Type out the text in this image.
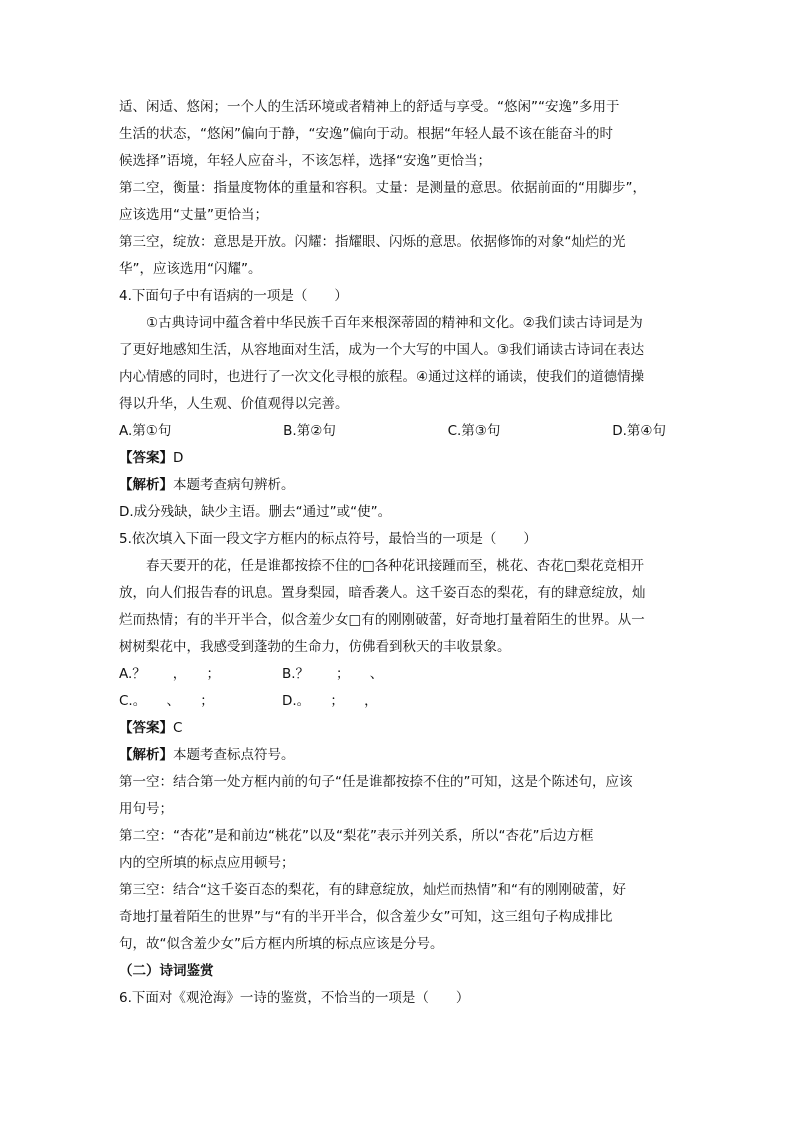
适、闲适、悠闲；一个人的生活环境或者精神上的舒适与享受。“悠闲”“安逸”多用于
生活的状态，“悠闲”偏向于静，“安逸”偏向于动。根据“年轻人最不该在能奋斗的时
候选择”语境，年轻人应奋斗，不该怎样，选择“安逸”更恰当；
第二空，衡量：指量度物体的重量和容积。丈量：是测量的意思。依据前面的“用脚步”，
应该选用“丈量”更恰当；
第三空，绽放：意思是开放。闪耀：指耀眼、闪烁的意思。依据修饰的对象“灿烂的光
华”，应该选用“闪耀”。
4.下面句子中有语病的一项是（　　）
①古典诗词中蕴含着中华民族千百年来根深蒂固的精神和文化。②我们读古诗词是为
了更好地感知生活，从容地面对生活，成为一个大写的中国人。③我们诵读古诗词在表达
内心情感的同时，也进行了一次文化寻根的旅程。④通过这样的诵读，使我们的道德情操
得以升华，人生观、价值观得以完善。
A.第①句	B.第②句	C.第③句	D.第④句
【答案】D
【解析】本题考查病句辨析。
D.成分残缺，缺少主语。删去“通过”或“使”。
5.依次填入下面一段文字方框内的标点符号，最恰当的一项是（　　）
春天要开的花，任是谁都按捺不住的□各种花讯接踵而至，桃花、杏花□梨花竞相开
放，向人们报告春的讯息。置身梨园，暗香袭人。这千姿百态的梨花，有的肆意绽放，灿
烂而热情；有的半开半合，似含羞少女□有的刚刚破蕾，好奇地打量着陌生的世界。从一
树树梨花中，我感受到蓬勃的生命力，仿佛看到秋天的丰收景象。
A.？　　，　　；	B.？　　；　　、
C.。　　、　　；	D.。　　；　　，
【答案】C
【解析】本题考查标点符号。
第一空：结合第一处方框内前的句子“任是谁都按捺不住的”可知，这是个陈述句，应该
用句号；
第二空：“杏花”是和前边“桃花”以及“梨花”表示并列关系，所以“杏花”后边方框
内的空所填的标点应用顿号；
第三空：结合“这千姿百态的梨花，有的肆意绽放，灿烂而热情”和“有的刚刚破蕾，好
奇地打量着陌生的世界”与“有的半开半合，似含羞少女”可知，这三组句子构成排比
句，故“似含羞少女”后方框内所填的标点应该是分号。
（二）诗词鉴赏
6.下面对《观沧海》一诗的鉴赏，不恰当的一项是（　　）
